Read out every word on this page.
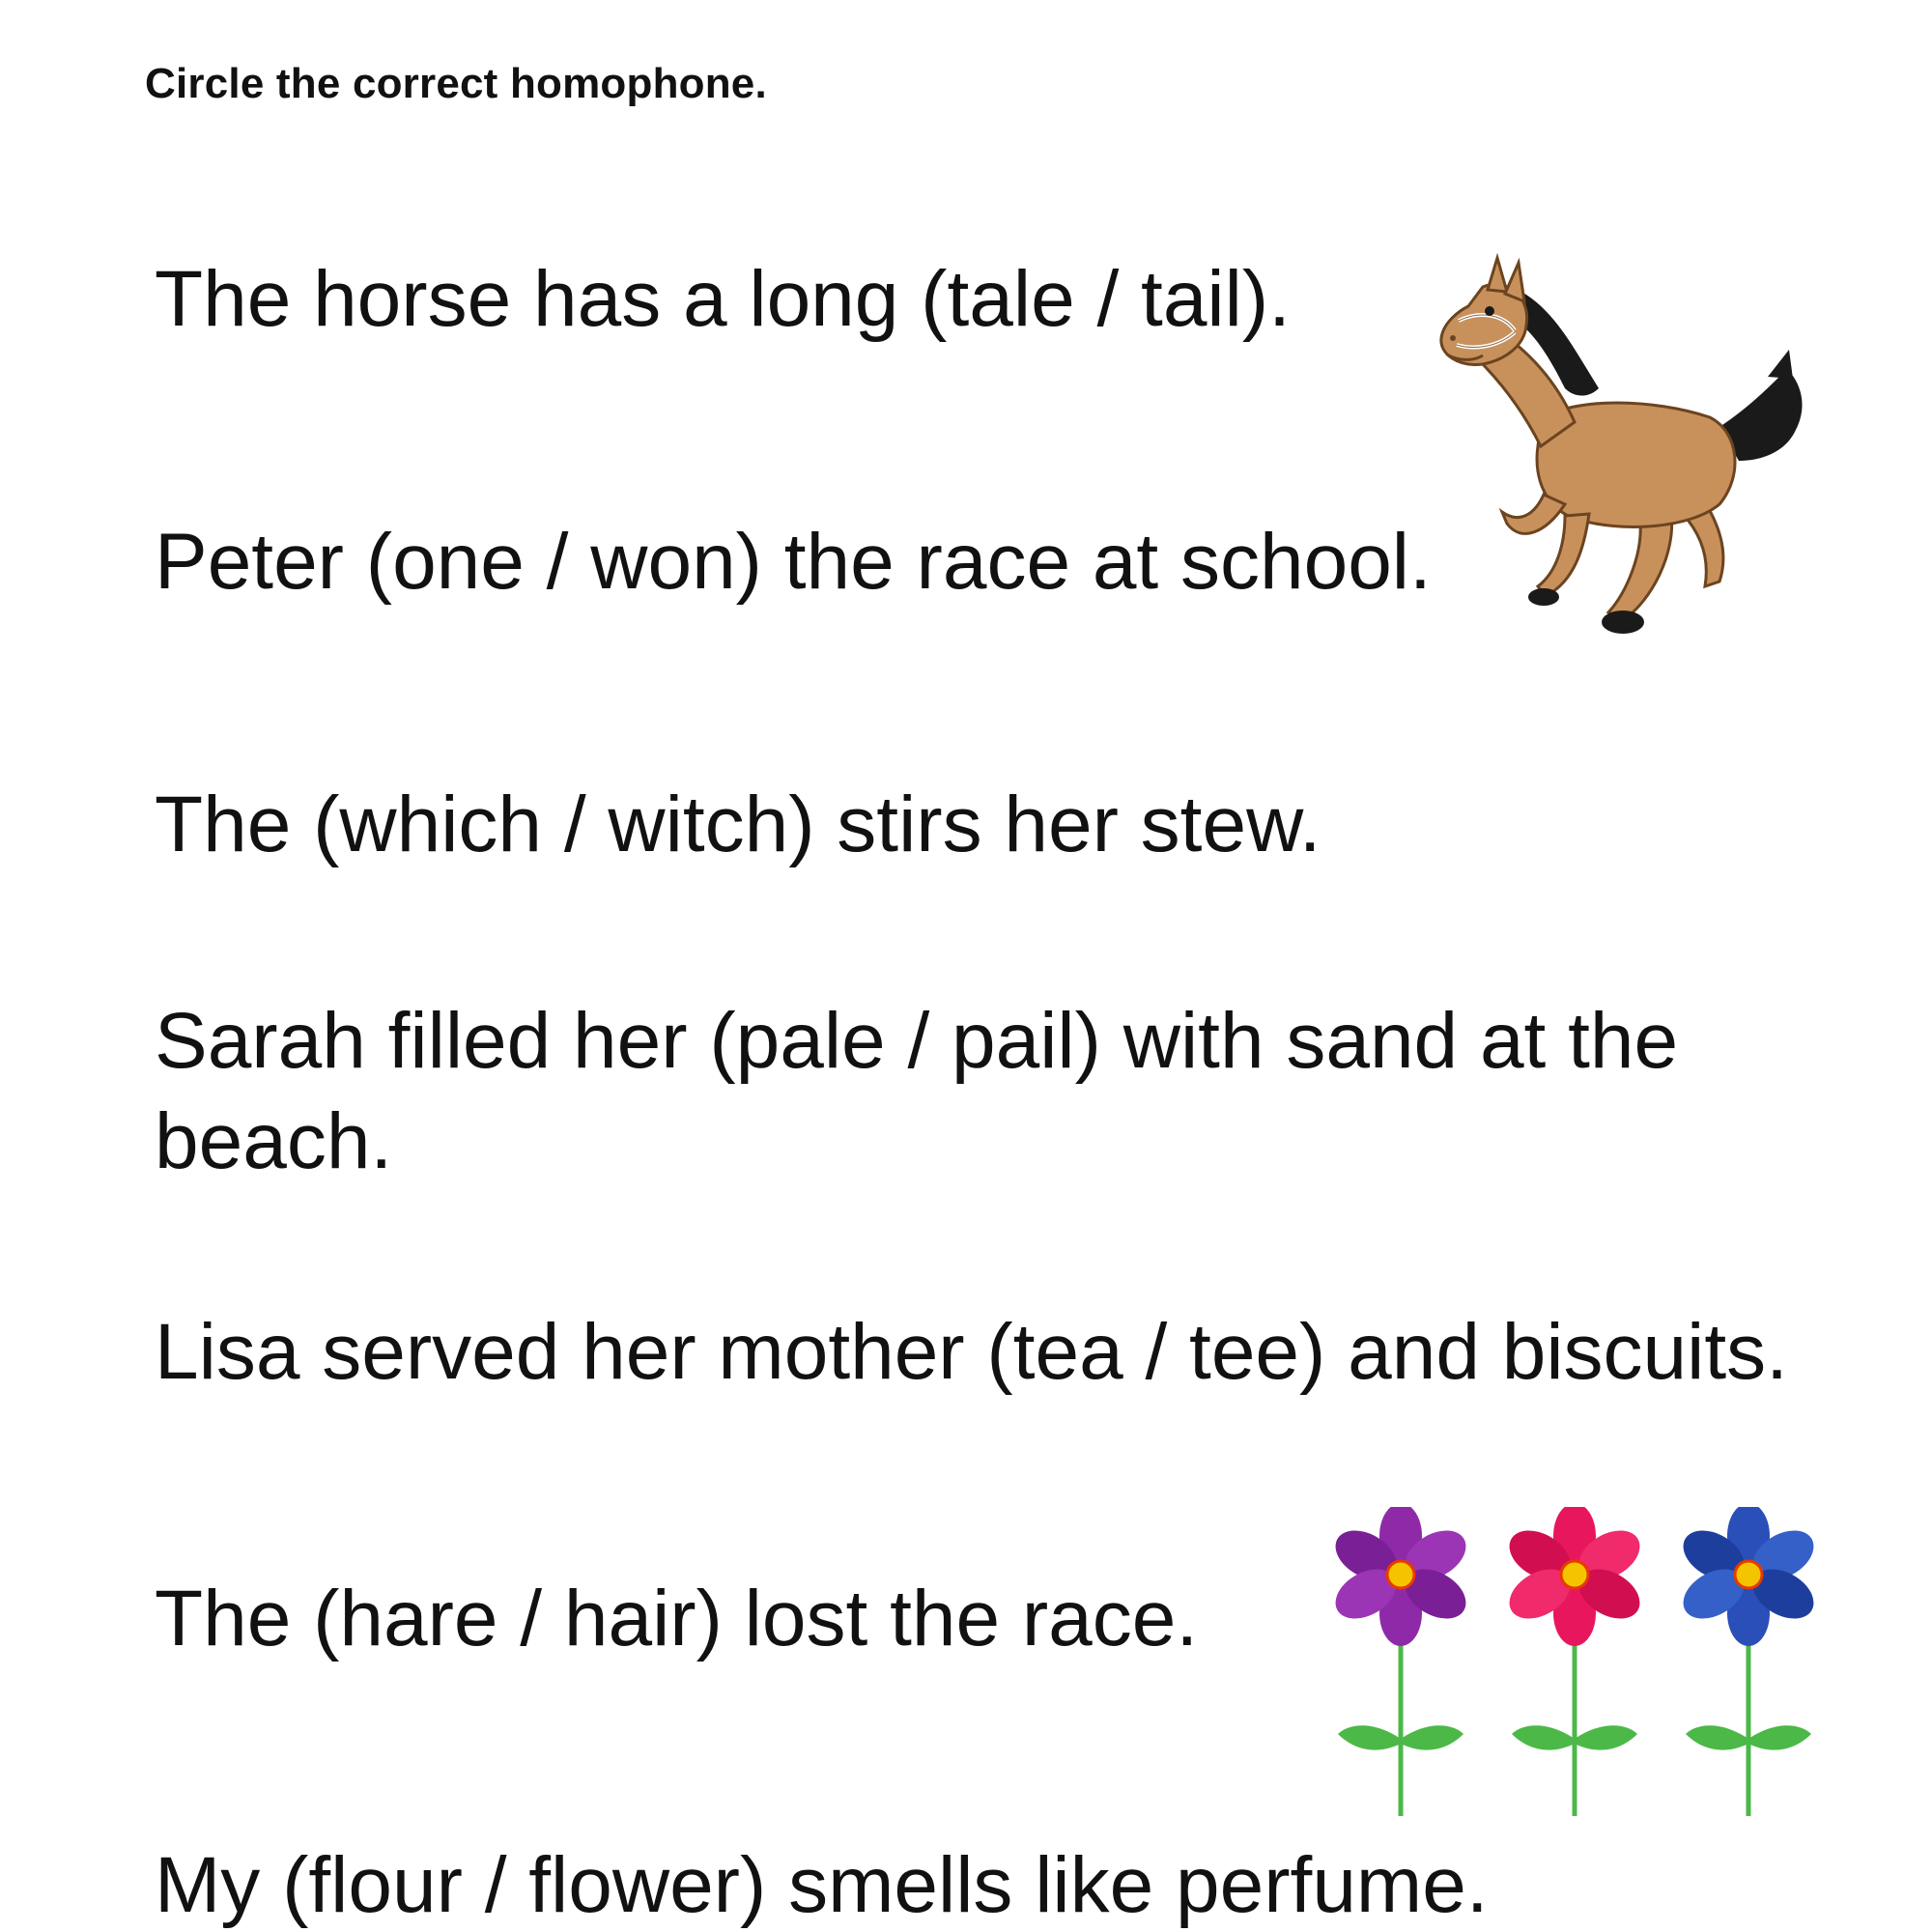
Circle the correct homophone.

The horse has a long (tale / tail).

Peter (one / won) the race at school.

The (which / witch) stirs her stew.

Sarah filled her (pale / pail) with sand at the beach.

Lisa served her mother (tea / tee) and biscuits.

The (hare / hair) lost the race.

My (flour / flower) smells like perfume.
